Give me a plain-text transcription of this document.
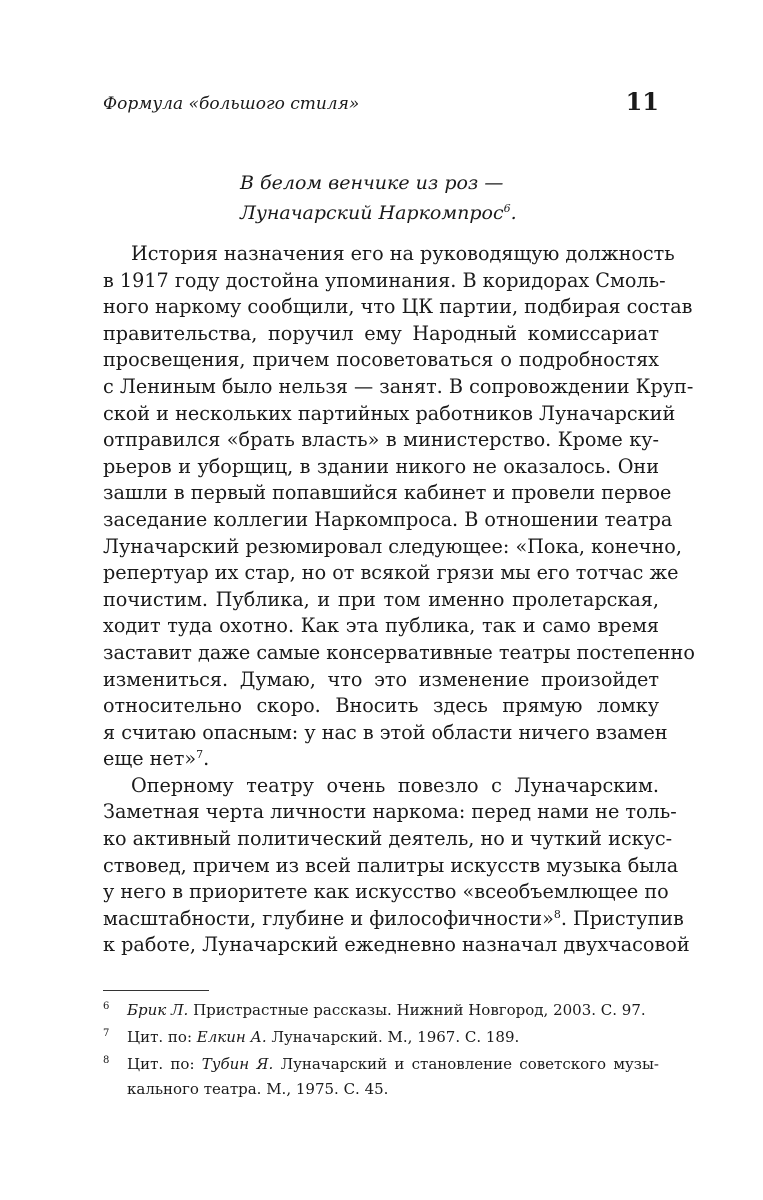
Формула «большого стиля»	11
В белом венчике из роз —
Луначарский Наркомпрос$^6$.
История назначения его на руководящую должность
в 1917 году достойна упоминания. В коридорах Смоль-
ного наркому сообщили, что ЦК партии, подбирая состав
правительства, поручил ему Народный комиссариат
просвещения, причем посоветоваться о подробностях
с Лениным было нельзя — занят. В сопровождении Круп-
ской и нескольких партийных работников Луначарский
отправился «брать власть» в министерство. Кроме ку-
рьеров и уборщиц, в здании никого не оказалось. Они
зашли в первый попавшийся кабинет и провели первое
заседание коллегии Наркомпроса. В отношении театра
Луначарский резюмировал следующее: «Пока, конечно,
репертуар их стар, но от всякой грязи мы его тотчас же
почистим. Публика, и при том именно пролетарская,
ходит туда охотно. Как эта публика, так и само время
заставит даже самые консервативные театры постепенно
измениться. Думаю, что это изменение произойдет
относительно скоро. Вносить здесь прямую ломку
я считаю опасным: у нас в этой области ничего взамен
еще нет»$^7$.
Оперному театру очень повезло с Луначарским.
Заметная черта личности наркома: перед нами не толь-
ко активный политический деятель, но и чуткий искус-
ствовед, причем из всей палитры искусств музыка была
у него в приоритете как искусство «всеобъемлющее по
масштабности, глубине и философичности»$^8$. Приступив
к работе, Луначарский ежедневно назначал двухчасовой
6 Брик Л. Пристрастные рассказы. Нижний Новгород, 2003. С. 97.
7 Цит. по: Елкин А. Луначарский. М., 1967. С. 189.
8 Цит. по: Тубин Я. Луначарский и становление советского музы-
кального театра. М., 1975. С. 45.
